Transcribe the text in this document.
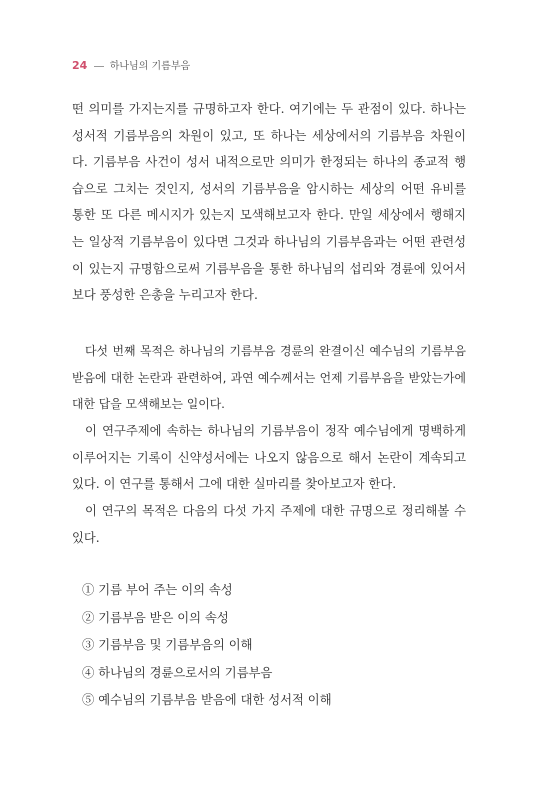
24 하나님의 기름부음

떤 의미를 가지는지를 규명하고자 한다. 여기에는 두 관점이 있다. 하나는 성서적 기름부음의 차원이 있고, 또 하나는 세상에서의 기름부음 차원이다. 기름부음 사건이 성서 내적으로만 의미가 한정되는 하나의 종교적 행습으로 그치는 것인지, 성서의 기름부음을 암시하는 세상의 어떤 유비를 통한 또 다른 메시지가 있는지 모색해보고자 한다. 만일 세상에서 행해지는 일상적 기름부음이 있다면 그것과 하나님의 기름부음과는 어떤 관련성이 있는지 규명함으로써 기름부음을 통한 하나님의 섭리와 경륜에 있어서 보다 풍성한 은총을 누리고자 한다.

다섯 번째 목적은 하나님의 기름부음 경륜의 완결이신 예수님의 기름부음 받음에 대한 논란과 관련하여, 과연 예수께서는 언제 기름부음을 받았는가에 대한 답을 모색해보는 일이다.

이 연구주제에 속하는 하나님의 기름부음이 정작 예수님에게 명백하게 이루어지는 기록이 신약성서에는 나오지 않음으로 해서 논란이 계속되고 있다. 이 연구를 통해서 그에 대한 실마리를 찾아보고자 한다.

이 연구의 목적은 다음의 다섯 가지 주제에 대한 규명으로 정리해볼 수 있다.

① 기름 부어 주는 이의 속성
② 기름부음 받은 이의 속성
③ 기름부음 및 기름부음의 이해
④ 하나님의 경륜으로서의 기름부음
⑤ 예수님의 기름부음 받음에 대한 성서적 이해
